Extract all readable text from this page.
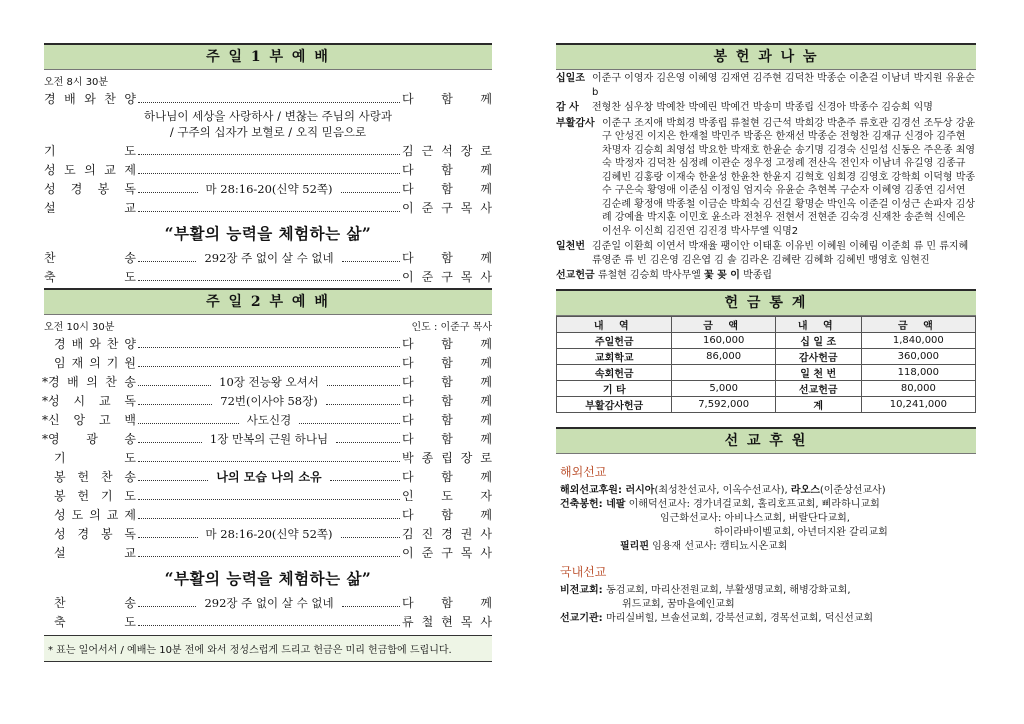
주 일 1 부 예 배
오전 8시 30분
경 배 와 찬 양	다 함 께
하나님이 세상을 사랑하사 / 변찮는 주님의 사랑과
/ 구주의 십자가 보혈로 / 오직 믿음으로
기	도	김 근 석 장 로
성 도 의 교 제	다 함 께
성 경 봉 독	마 28:16-20(신약 52쪽)	다 함 께
설	교	이 준 구 목 사
“부활의 능력을 체험하는 삶”
찬	송	292장 주 없이 살 수 없네	다 함 께
축	도	이 준 구 목 사
주 일 2 부 예 배
오전 10시 30분	인도 : 이준구 목사
경 배 와 찬 양	다 함 께
임 재 의 기 원	다 함 께
*경 배 의 찬 송	10장 전능왕 오셔서	다 함 께
*성 시 교 독	72번(이사야 58장)	다 함 께
*신 앙 고 백	사도신경	다 함 께
*영 광 송	1장 만복의 근원 하나님	다 함 께
기	도	박 종 립 장 로
봉 헌 찬 송	나의 모습 나의 소유	다 함 께
봉 헌 기 도	인 도 자
성 도 의 교 제	다 함 께
성 경 봉 독	마 28:16-20(신약 52쪽)	김 진 경 권 사
설	교	이 준 구 목 사
“부활의 능력을 체험하는 삶”
찬	송	292장 주 없이 살 수 없네	다 함 께
축	도	류 철 현 목 사
* 표는 일어서서 / 예배는 10분 전에 와서 정성스럽게 드리고 헌금은 미리 헌금함에 드립니다.
봉 헌 과 나 눔
십일조 이준구 이영자 김은영 이혜영 김재연 김주현 김덕찬 박종순 이춘걸 이남녀 박지원 유윤순b
감 사	전형찬 심우창 박예찬 박예린 박예건 박송미 박종립 신경아 박종수 김승희 익명
부활감사 이준구 조지애 박희경 박종립 류철현 김근석 박희강 박춘주 류호관 김경선 조두상 강윤구 안성진 이지은 한재철 박민주 박종은 한재선 박종순 전형찬 김재규 신경아 김주현 차명자 김승희 최영섭 박요한 박재호 한윤순 송기명 김경숙 신일섭 신동은 주은종 최영숙 박정자 김덕찬 심정례 이관순 정우정 고정례 전산옥 전인자 이남녀 유길영 김종규 김혜빈 김홍랑 이재숙 한윤성 한윤찬 한윤지 김혁호 임희경 김영호 강학희 이덕형 박종수 구은숙 황영애 이준심 이정임 엄지숙 유윤순 추현복 구순자 이혜영 김종연 김서연 김순례 황정애 박종철 이금순 박희숙 김선길 황명순 박인옥 이준걸 이성근 손파자 김상례 강예율 박지훈 이민호 윤소라 전천우 전현서 전현준 김숙경 신재찬 송준혁 신예은 이선우 이신희 김진연 김진경 박사무엘 익명2
일천번 김준일 이환희 이연서 박재율 팽이안 이태훈 이유빈 이혜원 이혜림 이준희 류 민 류지혜 류영준 류 빈 김은영 김은엽 김 솔 김라온 김혜란 김혜화 김혜빈 맹영호 임현진
선교헌금 류철현 김승희 박사무엘 꽃 꽂 이 박종립
헌 금 통 계
내 역	금 액	내 역	금 액
주일헌금	160,000	십 일 조	1,840,000
교회학교	86,000	감사헌금	360,000
속회헌금		일 천 번	118,000
기 타	5,000	선교헌금	80,000
부활감사헌금	7,592,000	계	10,241,000
선 교 후 원
해외선교
해외선교후원: 러시아(최성찬선교사, 이옥수선교사), 라오스(이준상선교사)
건축봉헌: 네팔 이해덕선교사: 경가녀걸교회, 홀리호프교회, 삐라하니교회
임근화선교사: 아비나스교회, 버랄단다교회,
하이라바이벨교회, 아년더지완 갈리교회
필리핀 임용재 선교사: 캠티뇨시온교회
국내선교
비전교회: 동검교회, 마리산전원교회, 부활생명교회, 해병강화교회,
위드교회, 꿈마을예인교회
선교기관: 마리실버힐, 브솔선교회, 강북선교회, 경목선교회, 덕신선교회
